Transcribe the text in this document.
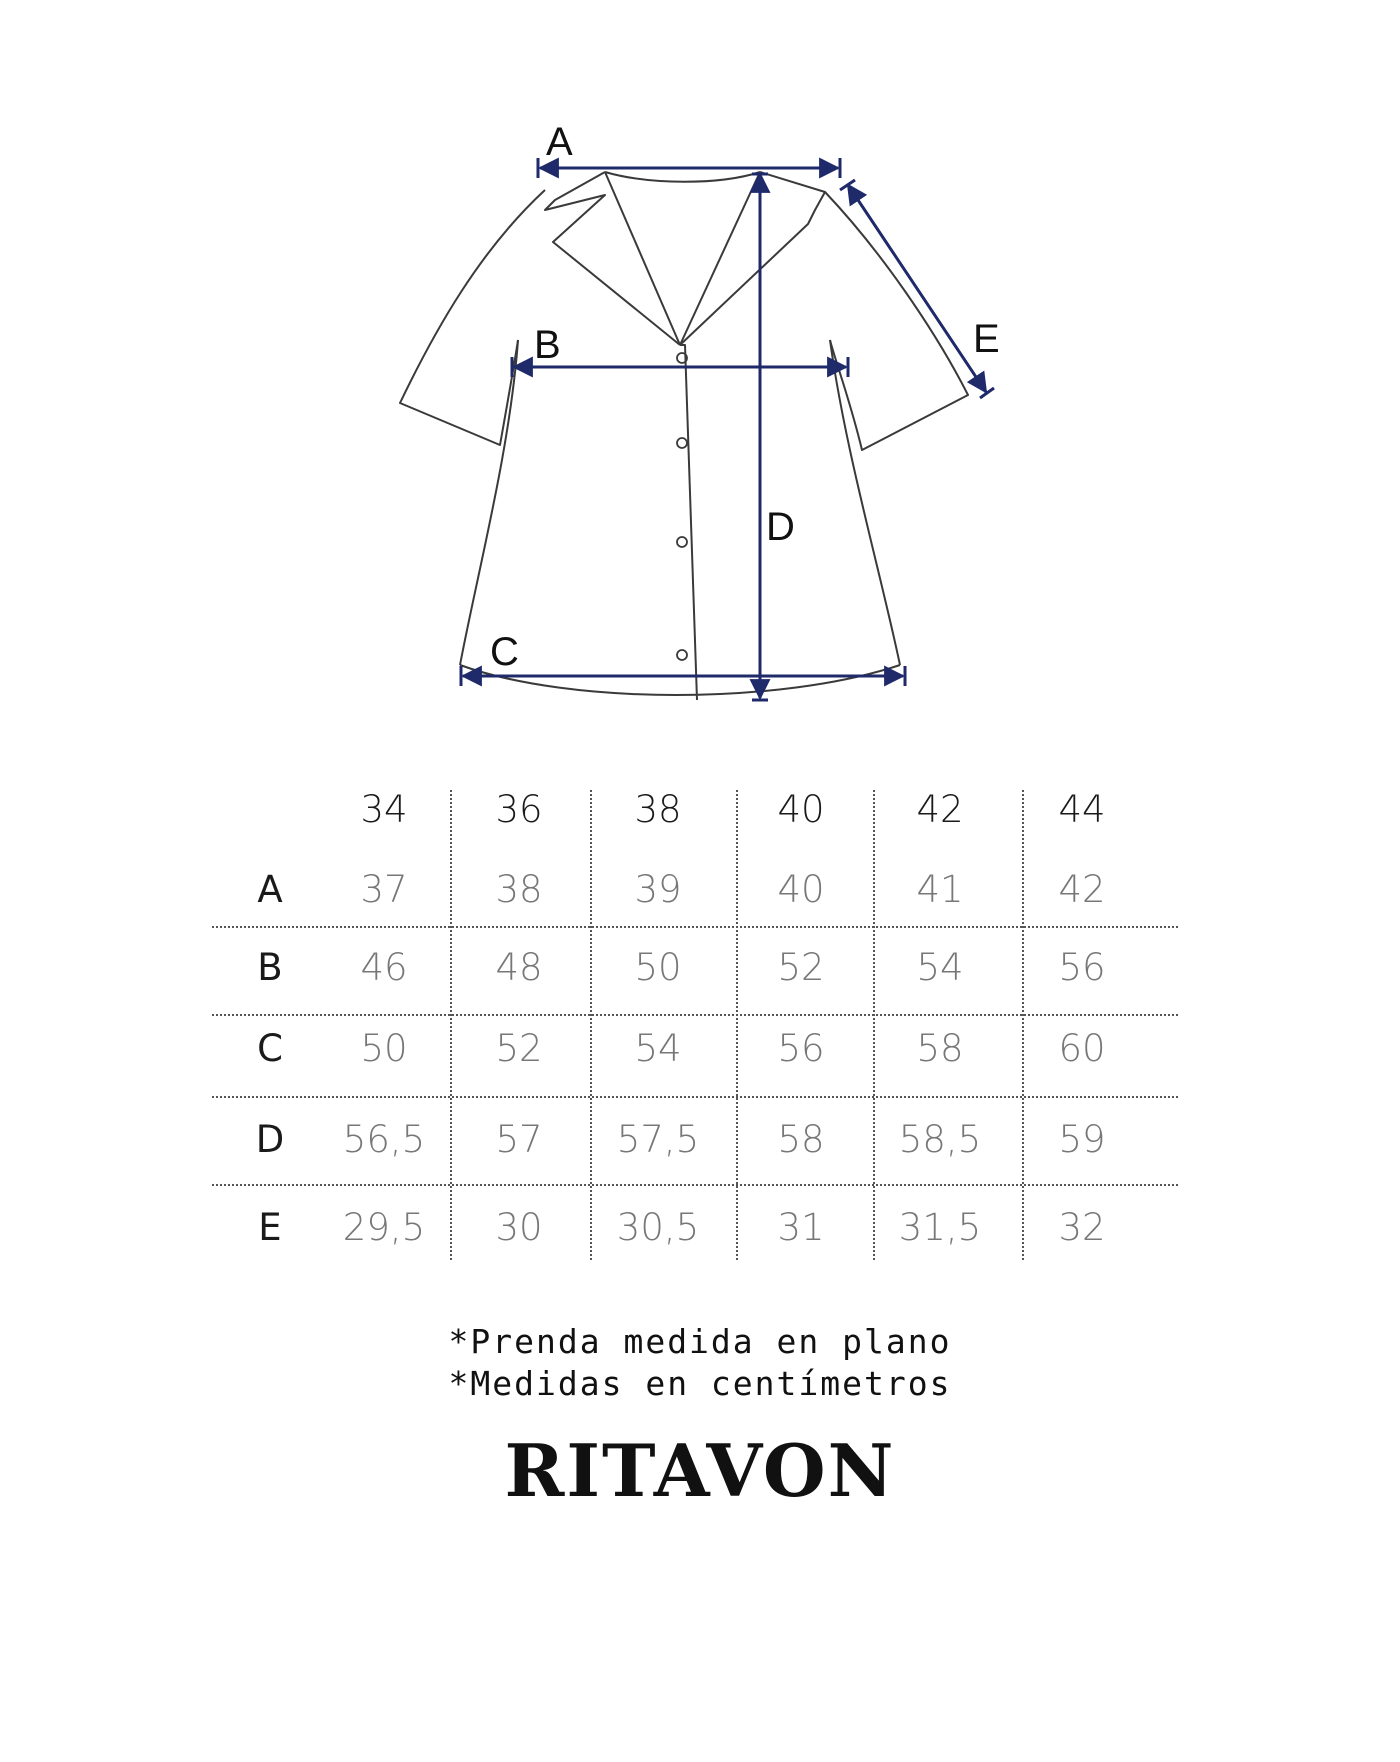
A
B
C
D
E
34	36	38	40	42	44
A	37	38	39	40	41	42
B	46	48	50	52	54	56
C	50	52	54	56	58	60
D	56,5	57	57,5	58	58,5	59
E	29,5	30	30,5	31	31,5	32
*Prenda medida en plano
*Medidas en centímetros
RITAVON
